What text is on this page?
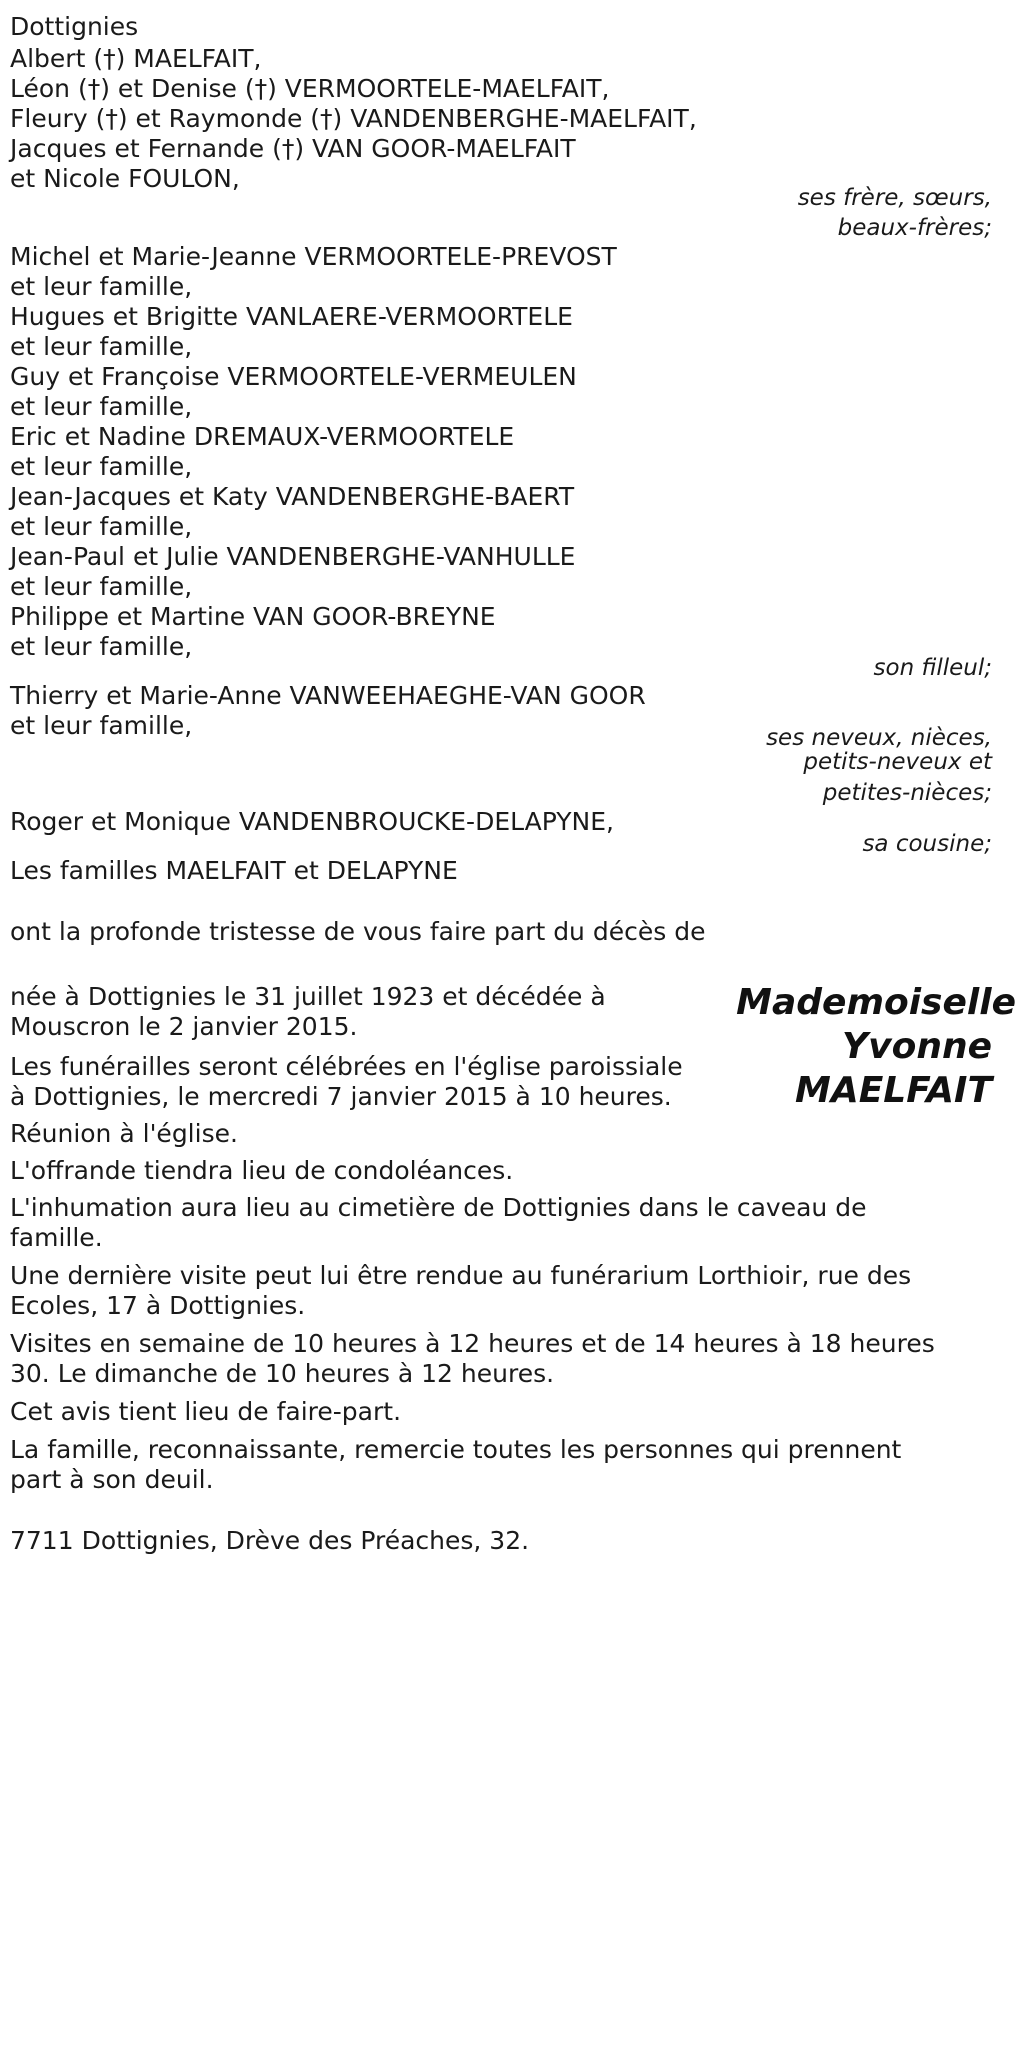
Dottignies
Albert (†) MAELFAIT,
Léon (†) et Denise (†) VERMOORTELE-MAELFAIT,
Fleury (†) et Raymonde (†) VANDENBERGHE-MAELFAIT,
Jacques et Fernande (†) VAN GOOR-MAELFAIT
et Nicole FOULON,
ses frère, sœurs,
beaux-frères;
Michel et Marie-Jeanne VERMOORTELE-PREVOST
et leur famille,
Hugues et Brigitte VANLAERE-VERMOORTELE
et leur famille,
Guy et Françoise VERMOORTELE-VERMEULEN
et leur famille,
Eric et Nadine DREMAUX-VERMOORTELE
et leur famille,
Jean-Jacques et Katy VANDENBERGHE-BAERT
et leur famille,
Jean-Paul et Julie VANDENBERGHE-VANHULLE
et leur famille,
Philippe et Martine VAN GOOR-BREYNE
et leur famille,
son filleul;
Thierry et Marie-Anne VANWEEHAEGHE-VAN GOOR
et leur famille,	ses neveux, nièces,
petits-neveux et
petites-nièces;
Roger et Monique VANDENBROUCKE-DELAPYNE,
sa cousine;
Les familles MAELFAIT et DELAPYNE
ont la profonde tristesse de vous faire part du décès de
Mademoiselle
Yvonne
MAELFAIT
née à Dottignies le 31 juillet 1923 et décédée à
Mouscron le 2 janvier 2015.
Les funérailles seront célébrées en l'église paroissiale
à Dottignies, le mercredi 7 janvier 2015 à 10 heures.
Réunion à l'église.
L'offrande tiendra lieu de condoléances.
L'inhumation aura lieu au cimetière de Dottignies dans le caveau de
famille.
Une dernière visite peut lui être rendue au funérarium Lorthioir, rue des
Ecoles, 17 à Dottignies.
Visites en semaine de 10 heures à 12 heures et de 14 heures à 18 heures
30. Le dimanche de 10 heures à 12 heures.
Cet avis tient lieu de faire-part.
La famille, reconnaissante, remercie toutes les personnes qui prennent
part à son deuil.
7711 Dottignies, Drève des Préaches, 32.
